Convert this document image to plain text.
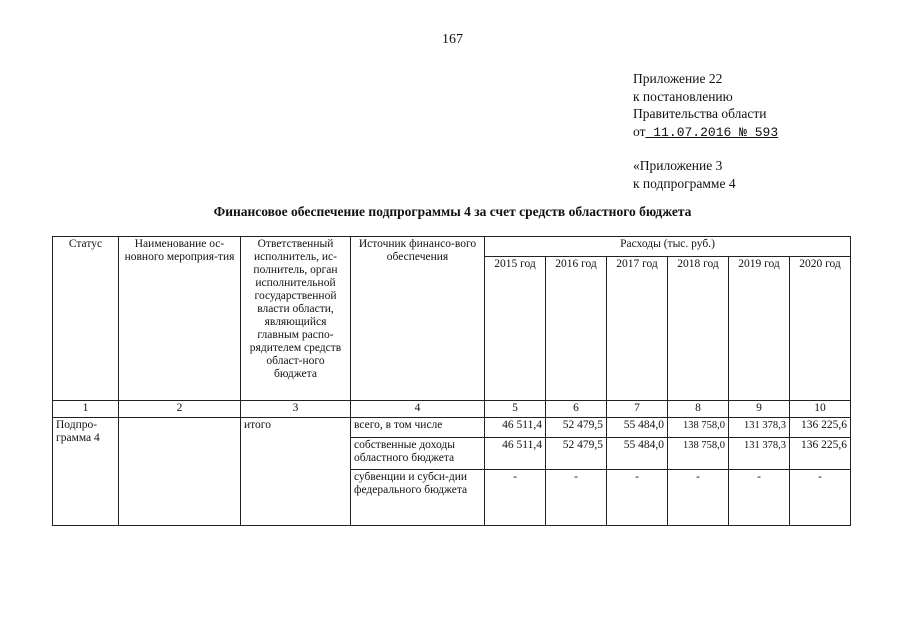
167
Приложение 22
к постановлению
Правительства области
от 11.07.2016 № 593
«Приложение 3
к подпрограмме 4
Финансовое обеспечение подпрограммы 4 за счет средств областного бюджета
Статус	Наименование ос-новного мероприя-тия	Ответственный исполнитель, ис-полнитель, орган исполнительной государственной власти области, являющийся главным распо-рядителем средств област-ного бюджета	Источник финансо-вого обеспечения	Расходы (тыс. руб.)					
				2015 год	2016 год	2017 год	2018 год	2019 год	2020 год
1	2	3	4	5	6	7	8	9	10
Подпро-грамма 4		итого	всего, в том числе	46 511,4	52 479,5	55 484,0	138 758,0	131 378,3	136 225,6
			собственные доходы областного бюджета	46 511,4	52 479,5	55 484,0	138 758,0	131 378,3	136 225,6
			субвенции и субси-дии федерального бюджета	-	-	-	-	-	-
